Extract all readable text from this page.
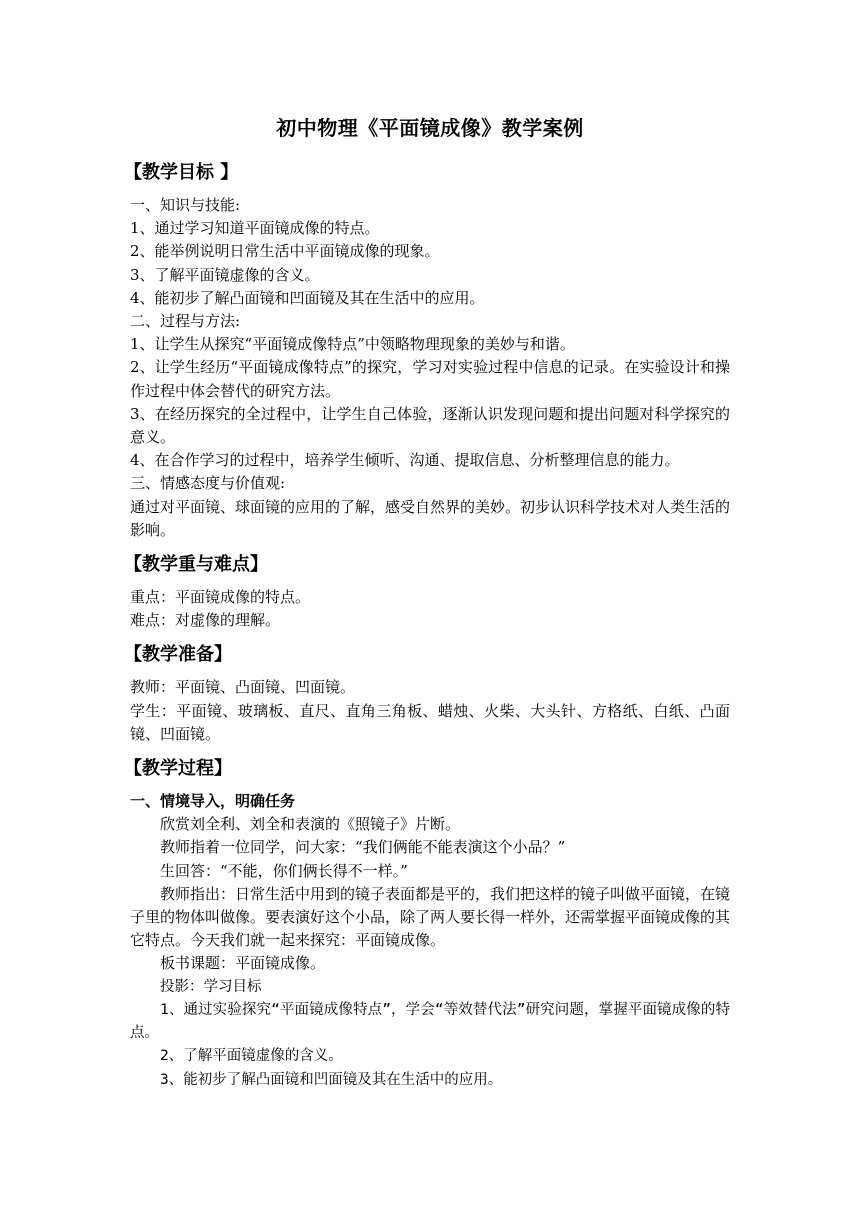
初中物理《平面镜成像》教学案例
【教学目标 】

一、知识与技能:

1、通过学习知道平面镜成像的特点。

2、能举例说明日常生活中平面镜成像的现象。

3、了解平面镜虚像的含义。

4、能初步了解凸面镜和凹面镜及其在生活中的应用。

二、过程与方法:

1、让学生从探究“平面镜成像特点”中领略物理现象的美妙与和谐。

2、让学生经历“平面镜成像特点”的探究，学习对实验过程中信息的记录。在实验设计和操作过程中体会替代的研究方法。

3、在经历探究的全过程中，让学生自己体验，逐渐认识发现问题和提出问题对科学探究的意义。

4、在合作学习的过程中，培养学生倾听、沟通、提取信息、分析整理信息的能力。

三、情感态度与价值观:

通过对平面镜、球面镜的应用的了解，感受自然界的美妙。初步认识科学技术对人类生活的影响。

【教学重与难点】

重点：平面镜成像的特点。

难点：对虚像的理解。

【教学准备】

教师：平面镜、凸面镜、凹面镜。

学生：平面镜、玻璃板、直尺、直角三角板、蜡烛、火柴、大头针、方格纸、白纸、凸面镜、凹面镜。

【教学过程】

一、情境导入，明确任务

欣赏刘全利、刘全和表演的《照镜子》片断。

教师指着一位同学，问大家：“我们俩能不能表演这个小品？”

生回答：“不能，你们俩长得不一样。”

教师指出：日常生活中用到的镜子表面都是平的，我们把这样的镜子叫做平面镜，在镜子里的物体叫做像。要表演好这个小品，除了两人要长得一样外，还需掌握平面镜成像的其它特点。今天我们就一起来探究：平面镜成像。

板书课题：平面镜成像。

投影：学习目标

1、通过实验探究“平面镜成像特点”，学会“等效替代法”研究问题，掌握平面镜成像的特点。

2、了解平面镜虚像的含义。

3、能初步了解凸面镜和凹面镜及其在生活中的应用。
